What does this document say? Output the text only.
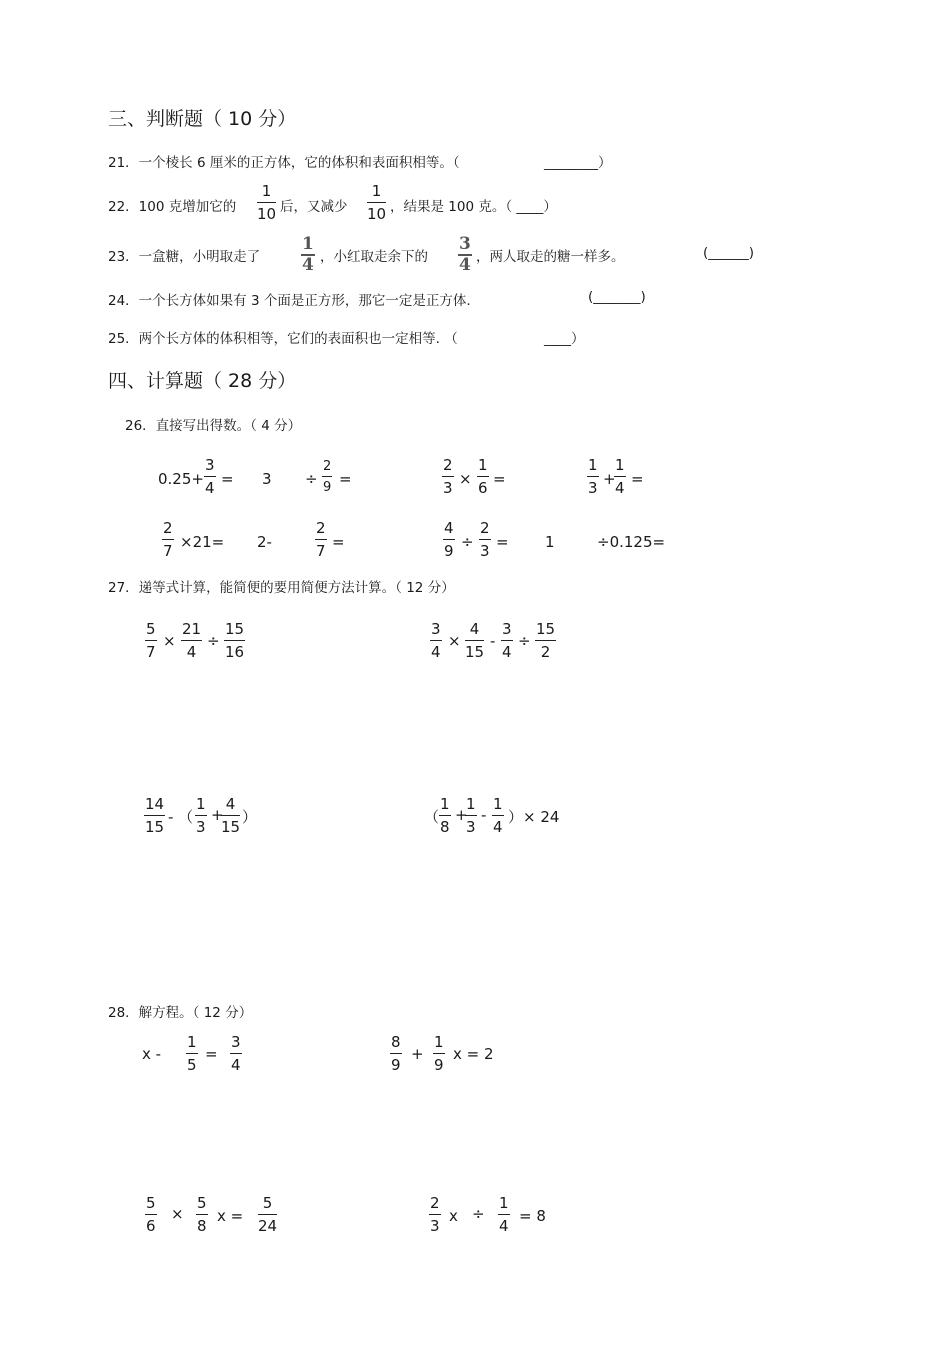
三、判断题（ 10 分）
21．一个棱长 6 厘米的正方体，它的体积和表面积相等。（	________）
22．100 克增加它的
1
10 后，又减少
1
10 ，结果是 100 克。（ ____）
23．一盒糖，小明取走了
1
4 ，小红取走余下的
3
4 ，两人取走的糖一样多。	(______)
24．一个长方体如果有 3 个面是正方形，那它一定是正方体.	(_______)
25．两个长方体的体积相等，它们的表面积也一定相等. （	____）
四、计算题（ 28 分）
26．直接写出得数。（ 4 分）
0.25+
3
4 = 3 ÷
2
9 =
2
3 ×
1
6 =
1
3 +
1
4 =
2
7 ×21= 2-
2
7 =
4
9 ÷
2
3 = 1	÷0.125=
27．递等式计算，能简便的要用简便方法计算。（ 12 分）
5
7
×
21
4
÷
15
16
3
4
×
4
15
-
3
4
÷
15
2
14
15
- （
1
3
+
4
15
）	（
1
8
+
1
3
-
1
4
）× 24
28．解方程。（ 12 分）
x -
1
5
=
3
4
8
9
+
1
9
x = 2
5
6
×
5
8
x =
5
24
2
3
x ÷
1
4
= 8
